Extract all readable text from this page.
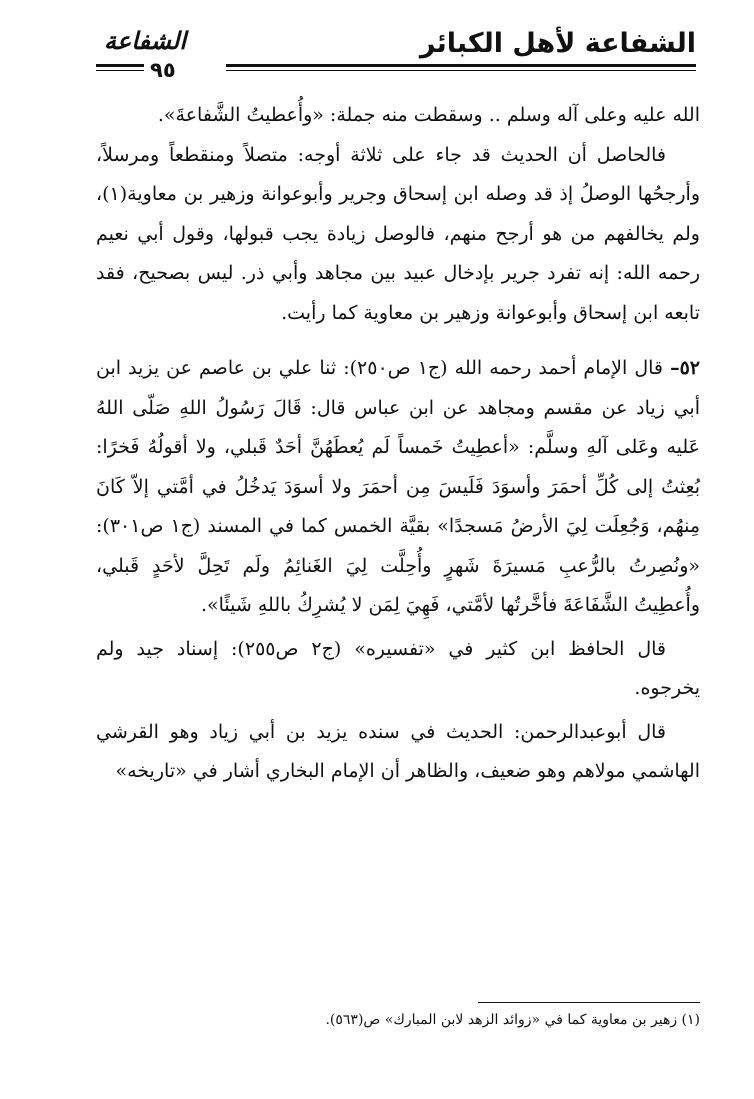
الشفاعة لأهل الكبائر
الشفاعة
٩٥

الله عليه وعلى آله وسلم .. وسقطت منه جملة: «وأُعطيتُ الشَّفاعةَ».

فالحاصل أن الحديث قد جاء على ثلاثة أوجه: متصلاً ومنقطعاً ومرسلاً، وأرجحُها الوصلُ إذ قد وصله ابن إسحاق وجرير وأبوعوانة وزهير بن معاوية(١)، ولم يخالفهم من هو أرجح منهم، فالوصل زيادة يجب قبولها، وقول أبي نعيم رحمه الله: إنه تفرد جرير بإدخال عبيد بين مجاهد وأبي ذر. ليس بصحيح، فقد تابعه ابن إسحاق وأبوعوانة وزهير بن معاوية كما رأيت.

٥٢– قال الإمام أحمد رحمه الله (ج١ ص٢٥٠): ثنا علي بن عاصم عن يزيد ابن أبي زياد عن مقسم ومجاهد عن ابن عباس قال: قَالَ رَسُولُ اللهِ صَلّى اللهُ عَليه وعَلى آلهِ وسلَّم: «أعطِيتُ خَمساً لَم يُعطَهُنَّ أحَدٌ قَبلي، ولا أقولُهُ فَخرًا: بُعِثتُ إلى كُلِّ أحمَرَ وأسوَدَ فَلَيسَ مِن أحمَرَ ولا أسوَدَ يَدخُلُ في أمَّتي إلاّ كَانَ مِنهُم، وَجُعِلَت لِيَ الأرضُ مَسجدًا» بقيَّة الخمس كما في المسند (ج١ ص٣٠١): «ونُصِرتُ بالرُّعبِ مَسيرَةَ شَهرٍ وأُحِلَّت لِيَ الغَنائِمُ ولَم تَحِلَّ لأحَدٍ قَبلي، وأُعطِيتُ الشَّفَاعَةَ فأخَّرتُها لأمَّتي، فَهِيَ لِمَن لا يُشرِكُ باللهِ شَيئًا».

قال الحافظ ابن كثير في «تفسيره» (ج٢ ص٢٥٥): إسناد جيد ولم يخرجوه.

قال أبوعبدالرحمن: الحديث في سنده يزيد بن أبي زياد وهو القرشي الهاشمي مولاهم وهو ضعيف، والظاهر أن الإمام البخاري أشار في «تاريخه»

(١) زهير بن معاوية كما في «زوائد الزهد لابن المبارك» ص(٥٦٣).
